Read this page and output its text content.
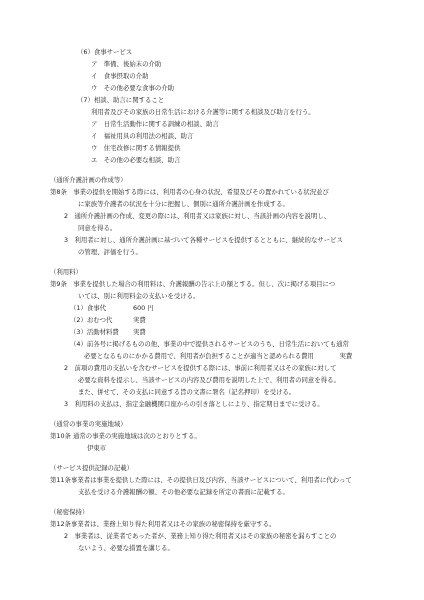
（6）食事サービス
ア　準備、後始末の介助
イ　食事摂取の介助
ウ　その他必要な食事の介助
（7）相談、助言に関すること
利用者及びその家族の日常生活における介護等に関する相談及び助言を行う。
ア　日常生活動作に関する訓練の相談、助言
イ　福祉用具の利用法の相談、助言
ウ　住宅改修に関する情報提供
エ　その他の必要な相談、助言
（通所介護計画の作成等）
第8条　事業の提供を開始する際には、利用者の心身の状況、希望及びその置かれている状況並び
に家族等介護者の状況を十分に把握し、個別に通所介護計画を作成する。
2　通所介護計画の作成、変更の際には、利用者又は家族に対し、当該計画の内容を説明し、
同意を得る。
3　利用者に対し、通所介護計画に基づいて各種サービスを提供するとともに、継続的なサービス
の管理、評価を行う。
（利用料）
第9条　事業を提供した場合の利用料は、介護報酬の告示上の額とする。但し、次に掲げる項目につ
いては、別に利用料金の支払いを受ける。
（1）食事代	600 円
（2）おむつ代	実費
（3）活動材料費 実費
（4）前各号に掲げるものの他、事業の中で提供されるサービスのうち、日常生活においても通常
必要となるものにかかる費用で、利用者が負担することが適当と認められる費用　　　　実費
2　前項の費用の支払いを含むサービスを提供する際には、事前に利用者又はその家族に対して
必要な資料を提示し、当該サービスの内容及び費用を説明した上で、利用者の同意を得る。
また、併せて、その支払に同意する旨の文書に署名（記名押印）を受ける。
3　利用料の支払は、指定金融機関口座からの引き落としにより、指定期日までに受ける。
（通常の事業の実施地域）
第10条 通常の事業の実施地域は次のとおりとする。
伊東市
（サービス提供記録の記載）
第11条事業者は事業を提供した際には、その提供日及び内容、当該サービスについて、利用者に代わって
支払を受ける介護報酬の額、その他必要な記録を所定の書面に記載する。
（秘密保持）
第12条事業者は、業務上知り得た利用者又はその家族の秘密保持を厳守する。
2　事業者は、従業者であった者が、業務上知り得た利用者又はその家族の秘密を漏らすことの
ないよう、必要な措置を講じる。
